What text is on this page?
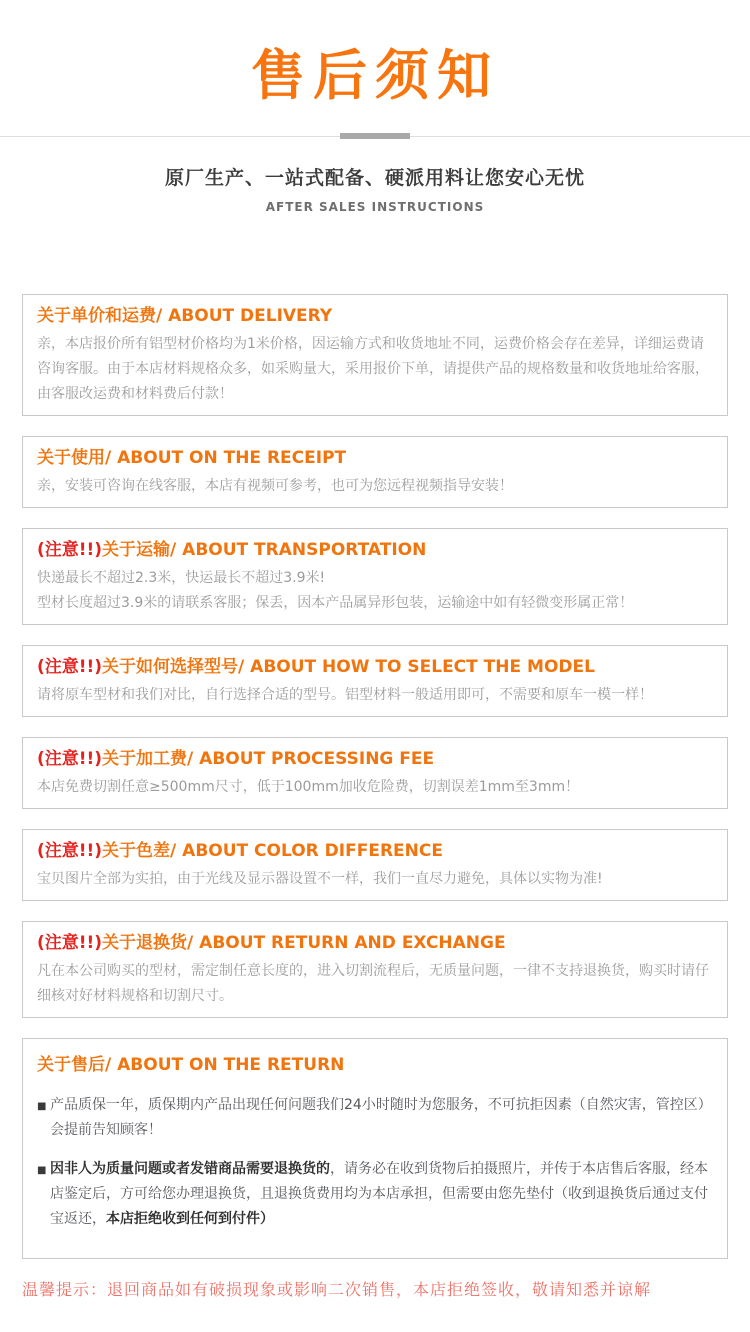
售后须知

原厂生产、一站式配备、硬派用料让您安心无忧

AFTER SALES INSTRUCTIONS

关于单价和运费/ ABOUT DELIVERY

亲，本店报价所有铝型材价格均为1米价格，因运输方式和收货地址不同，运费价格会存在差异，详细运费请咨询客服。由于本店材料规格众多，如采购量大，采用报价下单，请提供产品的规格数量和收货地址给客服，由客服改运费和材料费后付款！

关于使用/ ABOUT ON THE RECEIPT

亲，安装可咨询在线客服，本店有视频可参考，也可为您远程视频指导安装！

(注意!!)关于运输/ ABOUT TRANSPORTATION

快递最长不超过2.3米，快运最长不超过3.9米!

型材长度超过3.9米的请联系客服；保丢，因本产品属异形包装，运输途中如有轻微变形属正常！

(注意!!)关于如何选择型号/ ABOUT HOW TO SELECT THE MODEL

请将原车型材和我们对比，自行选择合适的型号。铝型材料一般适用即可，不需要和原车一模一样！

(注意!!)关于加工费/ ABOUT PROCESSING FEE

本店免费切割任意≥500mm尺寸，低于100mm加收危险费，切割误差1mm至3mm！

(注意!!)关于色差/ ABOUT COLOR DIFFERENCE

宝贝图片全部为实拍，由于光线及显示器设置不一样，我们一直尽力避免，具体以实物为准!

(注意!!)关于退换货/ ABOUT RETURN AND EXCHANGE

凡在本公司购买的型材，需定制任意长度的，进入切割流程后，无质量问题，一律不支持退换货，购买时请仔细核对好材料规格和切割尺寸。

关于售后/ ABOUT ON THE RETURN
■ 产品质保一年，质保期内产品出现任何问题我们24小时随时为您服务，不可抗拒因素（自然灾害，管控区）会提前告知顾客！
■ 因非人为质量问题或者发错商品需要退换货的，请务必在收到货物后拍摄照片，并传于本店售后客服，经本店鉴定后，方可给您办理退换货，且退换货费用均为本店承担，但需要由您先垫付（收到退换货后通过支付宝返还，本店拒绝收到任何到付件）

温馨提示：退回商品如有破损现象或影响二次销售，本店拒绝签收，敬请知悉并谅解
